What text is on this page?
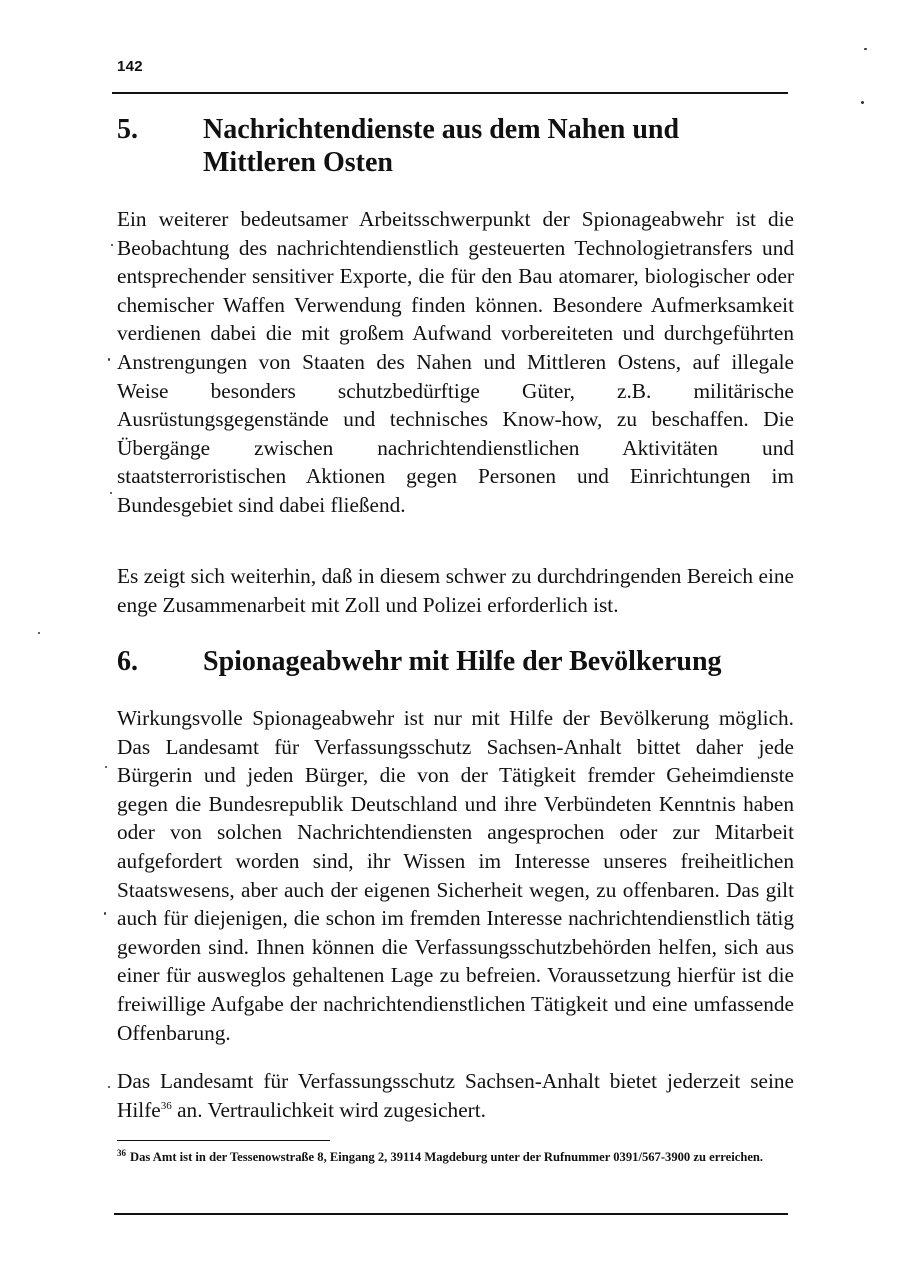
142
5. Nachrichtendienste aus dem Nahen und Mittleren Osten

Ein weiterer bedeutsamer Arbeitsschwerpunkt der Spionageabwehr ist die Beobachtung des nachrichtendienstlich gesteuerten Technologietransfers und entsprechender sensitiver Exporte, die für den Bau atomarer, biologischer oder chemischer Waffen Verwendung finden können. Besondere Aufmerksamkeit verdienen dabei die mit großem Aufwand vorbereiteten und durchgeführten Anstrengungen von Staaten des Nahen und Mittleren Ostens, auf illegale Weise besonders schutzbedürftige Güter, z.B. militärische Ausrüstungsgegenstände und technisches Know-how, zu beschaffen. Die Übergänge zwischen nachrichtendienstlichen Aktivitäten und staatsterroristischen Aktionen gegen Personen und Einrichtungen im Bundesgebiet sind dabei fließend.

Es zeigt sich weiterhin, daß in diesem schwer zu durchdringenden Bereich eine enge Zusammenarbeit mit Zoll und Polizei erforderlich ist.

6. Spionageabwehr mit Hilfe der Bevölkerung

Wirkungsvolle Spionageabwehr ist nur mit Hilfe der Bevölkerung möglich. Das Landesamt für Verfassungsschutz Sachsen-Anhalt bittet daher jede Bürgerin und jeden Bürger, die von der Tätigkeit fremder Geheimdienste gegen die Bundesrepublik Deutschland und ihre Verbündeten Kenntnis haben oder von solchen Nachrichtendiensten angesprochen oder zur Mitarbeit aufgefordert worden sind, ihr Wissen im Interesse unseres freiheitlichen Staatswesens, aber auch der eigenen Sicherheit wegen, zu offenbaren. Das gilt auch für diejenigen, die schon im fremden Interesse nachrichtendienstlich tätig geworden sind. Ihnen können die Verfassungsschutzbehörden helfen, sich aus einer für ausweglos gehaltenen Lage zu befreien. Voraussetzung hierfür ist die freiwillige Aufgabe der nachrichtendienstlichen Tätigkeit und eine umfassende Offenbarung.

Das Landesamt für Verfassungsschutz Sachsen-Anhalt bietet jederzeit seine Hilfe$^{36}$ an. Vertraulichkeit wird zugesichert.

$^{36}$ Das Amt ist in der Tessenowstraße 8, Eingang 2, 39114 Magdeburg unter der Rufnummer 0391/567-3900 zu erreichen.
